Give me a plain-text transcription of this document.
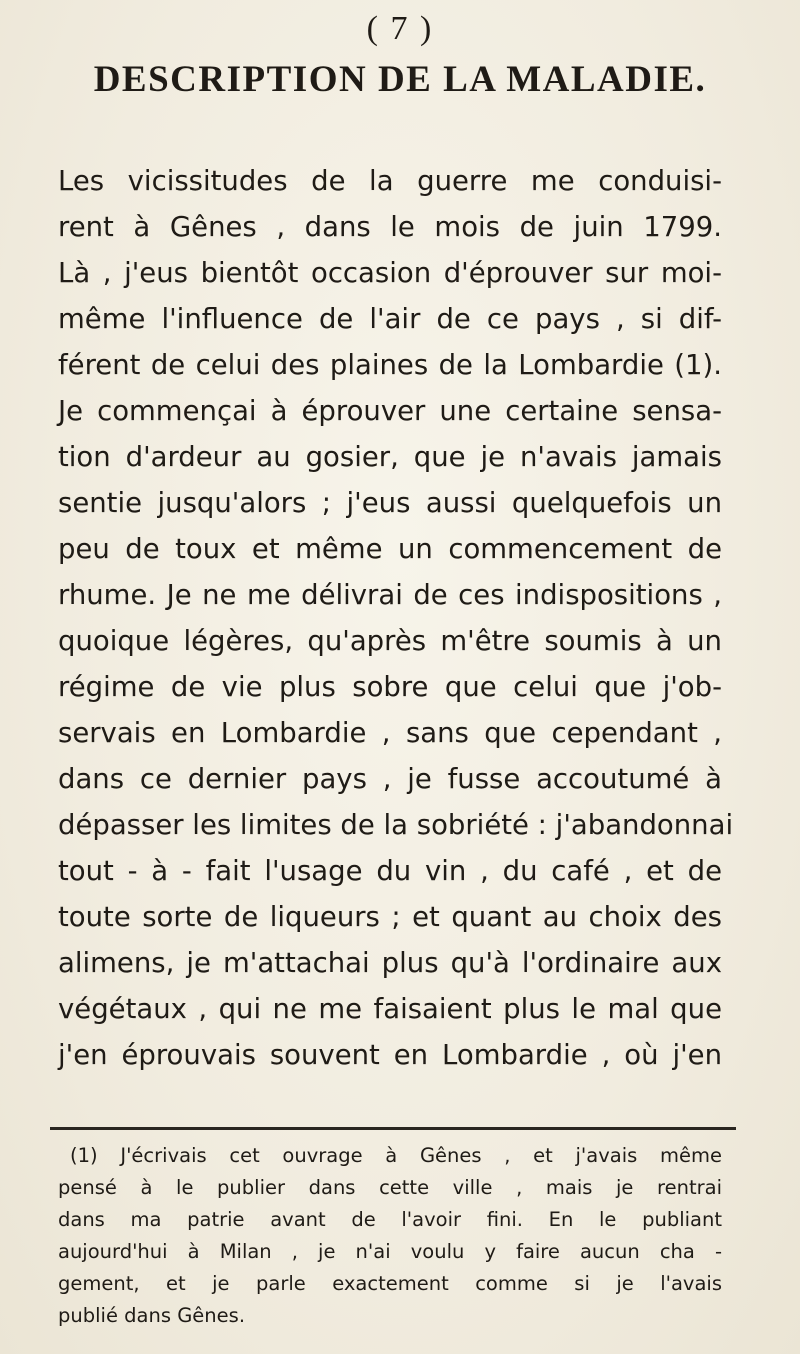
( 7 )
DESCRIPTION DE LA MALADIE.
Les vicissitudes de la guerre me conduisi-
rent à Gênes , dans le mois de juin 1799.
Là , j'eus bientôt occasion d'éprouver sur moi-
même l'influence de l'air de ce pays , si dif-
férent de celui des plaines de la Lombardie (1).
Je commençai à éprouver une certaine sensa-
tion d'ardeur au gosier, que je n'avais jamais
sentie jusqu'alors ; j'eus aussi quelquefois un
peu de toux et même un commencement de
rhume. Je ne me délivrai de ces indispositions ,
quoique légères, qu'après m'être soumis à un
régime de vie plus sobre que celui que j'ob-
servais en Lombardie , sans que cependant ,
dans ce dernier pays , je fusse accoutumé à
dépasser les limites de la sobriété : j'abandonnai
tout - à - fait l'usage du vin , du café , et de
toute sorte de liqueurs ; et quant au choix des
alimens, je m'attachai plus qu'à l'ordinaire aux
végétaux , qui ne me faisaient plus le mal que
j'en éprouvais souvent en Lombardie , où j'en
(1) J'écrivais cet ouvrage à Gênes , et j'avais même
pensé à le publier dans cette ville , mais je rentrai
dans ma patrie avant de l'avoir fini. En le publiant
aujourd'hui à Milan , je n'ai voulu y faire aucun cha -
gement, et je parle exactement comme si je l'avais
publié dans Gênes.
